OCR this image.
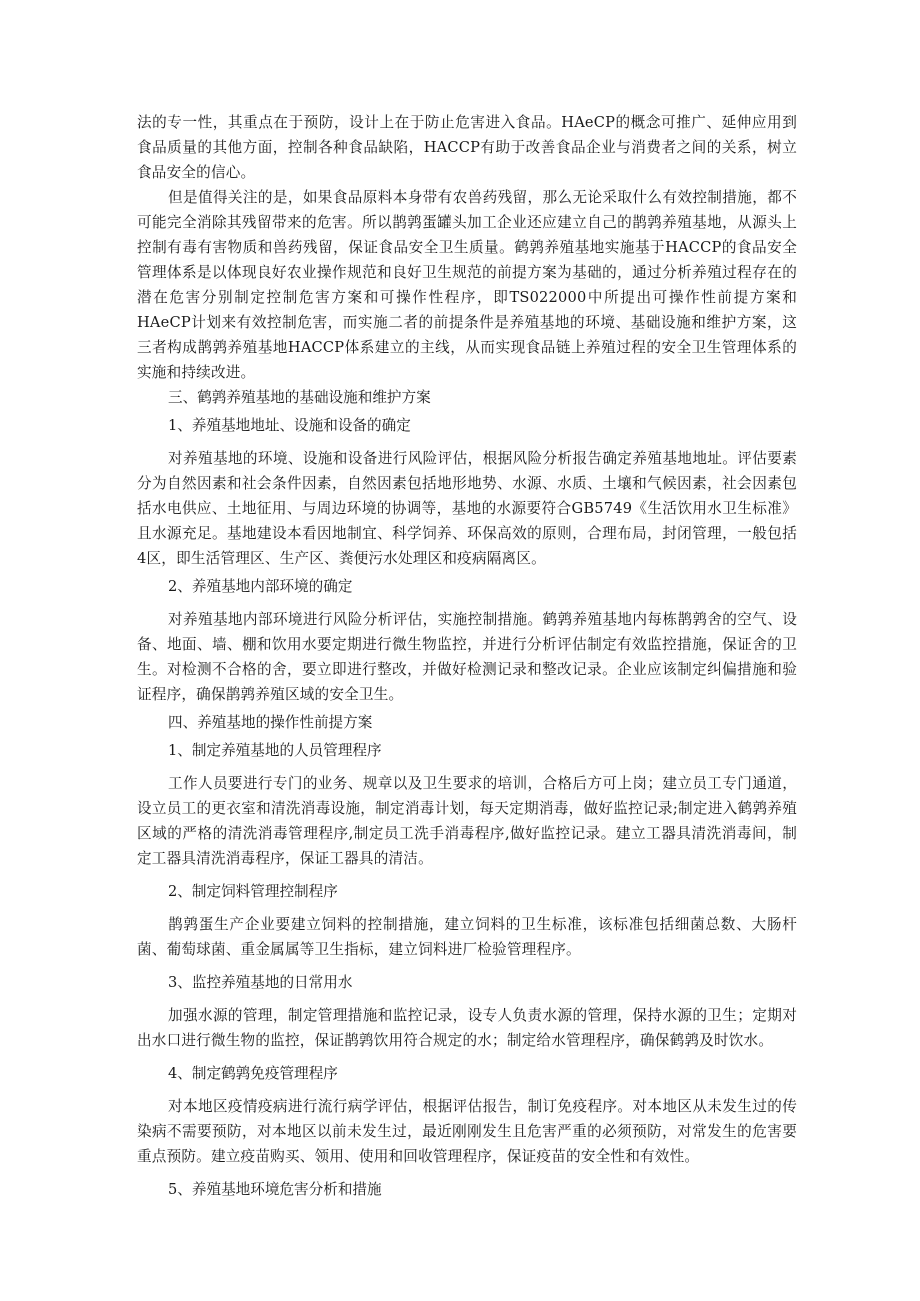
法的专一性，其重点在于预防，设计上在于防止危害进入食品。HAeCP的概念可推广、延伸应用到食品质量的其他方面，控制各种食品缺陷，HACCP有助于改善食品企业与消费者之间的关系，树立食品安全的信心。

但是值得关注的是，如果食品原料本身带有农兽药残留，那么无论采取什么有效控制措施，都不可能完全消除其残留带来的危害。所以鹊鹑蛋罐头加工企业还应建立自己的鹊鹑养殖基地，从源头上控制有毒有害物质和兽药残留，保证食品安全卫生质量。鹤鹑养殖基地实施基于HACCP的食品安全管理体系是以体现良好农业操作规范和良好卫生规范的前提方案为基础的，通过分析养殖过程存在的潜在危害分别制定控制危害方案和可操作性程序，即TS022000中所提出可操作性前提方案和HAeCP计划来有效控制危害，而实施二者的前提条件是养殖基地的环境、基础设施和维护方案，这三者构成鹊鹑养殖基地HACCP体系建立的主线，从而实现食品链上养殖过程的安全卫生管理体系的实施和持续改进。

三、鹤鹑养殖基地的基础设施和维护方案

1、养殖基地地址、设施和设备的确定

对养殖基地的环境、设施和设备进行风险评估，根据风险分析报告确定养殖基地地址。评估要素分为自然因素和社会条件因素，自然因素包括地形地势、水源、水质、土壤和气候因素，社会因素包括水电供应、土地征用、与周边环境的协调等，基地的水源要符合GB5749《生活饮用水卫生标准》且水源充足。基地建设本看因地制宜、科学饲养、环保高效的原则，合理布局，封闭管理，一般包括4区，即生活管理区、生产区、粪便污水处理区和疫病隔离区。

2、养殖基地内部环境的确定

对养殖基地内部环境进行风险分析评估，实施控制措施。鹤鹑养殖基地内每栋鹊鹑舍的空气、设备、地面、墙、棚和饮用水要定期进行微生物监控，并进行分析评估制定有效监控措施，保证舍的卫生。对检测不合格的舍，要立即进行整改，并做好检测记录和整改记录。企业应该制定纠偏措施和验证程序，确保鹊鹑养殖区域的安全卫生。

四、养殖基地的操作性前提方案

1、制定养殖基地的人员管理程序

工作人员要进行专门的业务、规章以及卫生要求的培训，合格后方可上岗；建立员工专门通道，设立员工的更衣室和清洗消毒设施，制定消毒计划，每天定期消毒，做好监控记录;制定进入鹤鹑养殖区域的严格的清洗消毒管理程序,制定员工洗手消毒程序,做好监控记录。建立工器具清洗消毒间，制定工器具清洗消毒程序，保证工器具的清洁。

2、制定饲料管理控制程序

鹊鹑蛋生产企业要建立饲料的控制措施，建立饲料的卫生标准，该标准包括细菌总数、大肠杆菌、葡萄球菌、重金属属等卫生指标，建立饲料进厂检验管理程序。

3、监控养殖基地的日常用水

加强水源的管理，制定管理措施和监控记录，设专人负责水源的管理，保持水源的卫生；定期对出水口进行微生物的监控，保证鹊鹑饮用符合规定的水；制定给水管理程序，确保鹤鹑及时饮水。

4、制定鹤鹑免疫管理程序

对本地区疫情疫病进行流行病学评估，根据评估报告，制订免疫程序。对本地区从未发生过的传染病不需要预防，对本地区以前未发生过，最近刚刚发生且危害严重的必须预防，对常发生的危害要重点预防。建立疫苗购买、领用、使用和回收管理程序，保证疫苗的安全性和有效性。

5、养殖基地环境危害分析和措施
